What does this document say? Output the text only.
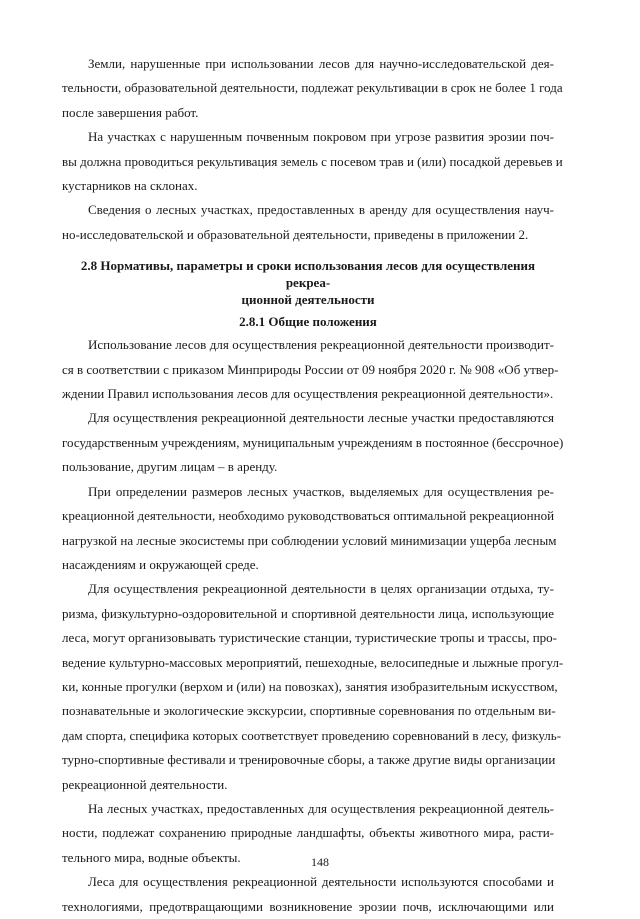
Земли, нарушенные при использовании лесов для научно-исследовательской дея-
тельности, образовательной деятельности, подлежат рекультивации в срок не более 1 года
после завершения работ.

На участках с нарушенным почвенным покровом при угрозе развития эрозии поч-
вы должна проводиться рекультивация земель с посевом трав и (или) посадкой деревьев и
кустарников на склонах.

Сведения о лесных участках, предоставленных в аренду для осуществления науч-
но-исследовательской и образовательной деятельности, приведены в приложении 2.

2.8 Нормативы, параметры и сроки использования лесов для осуществления рекреа-
ционной деятельности
2.8.1 Общие положения

Использование лесов для осуществления рекреационной деятельности производит-
ся в соответствии с приказом Минприроды России от 09 ноября 2020 г. № 908 «Об утвер-
ждении Правил использования лесов для осуществления рекреационной деятельности».

Для осуществления рекреационной деятельности лесные участки предоставляются
государственным учреждениям, муниципальным учреждениям в постоянное (бессрочное)
пользование, другим лицам – в аренду.

При определении размеров лесных участков, выделяемых для осуществления ре-
креационной деятельности, необходимо руководствоваться оптимальной рекреационной
нагрузкой на лесные экосистемы при соблюдении условий минимизации ущерба лесным
насаждениям и окружающей среде.

Для осуществления рекреационной деятельности в целях организации отдыха, ту-
ризма, физкультурно-оздоровительной и спортивной деятельности лица, использующие
леса, могут организовывать туристические станции, туристические тропы и трассы, про-
ведение культурно-массовых мероприятий, пешеходные, велосипедные и лыжные прогул-
ки, конные прогулки (верхом и (или) на повозках), занятия изобразительным искусством,
познавательные и экологические экскурсии, спортивные соревнования по отдельным ви-
дам спорта, специфика которых соответствует проведению соревнований в лесу, физкуль-
турно-спортивные фестивали и тренировочные сборы, а также другие виды организации
рекреационной деятельности.

На лесных участках, предоставленных для осуществления рекреационной деятель-
ности, подлежат сохранению природные ландшафты, объекты животного мира, расти-
тельного мира, водные объекты.

Леса для осуществления рекреационной деятельности используются способами и
технологиями, предотвращающими возникновение эрозии почв, исключающими или

148
